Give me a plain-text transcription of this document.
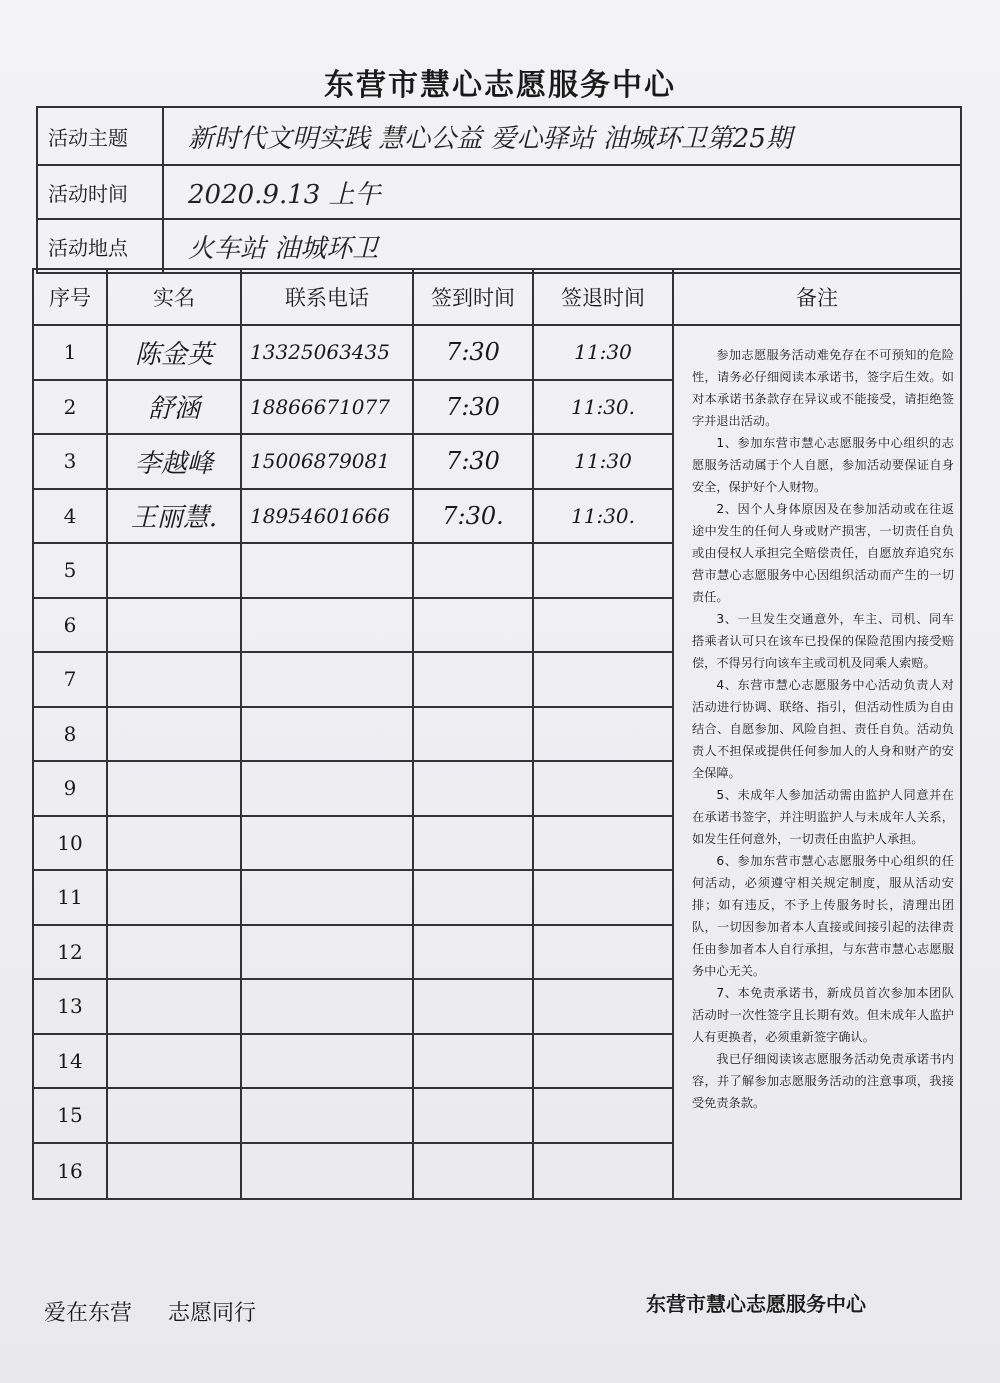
东营市慧心志愿服务中心
活动主题	新时代文明实践 慧心公益 爱心驿站 油城环卫第25期
活动时间	2020.9.13 上午
活动地点	火车站 油城环卫
序号	实名	联系电话	签到时间	签退时间	备注
1	陈金英	13325063435	7:30	11:30
2	舒涵	18866671077	7:30	11:30.
3	李越峰	15006879081	7:30	11:30
4	王丽慧.	18954601666	7:30.	11:30.
5
6
7
8
9
10
11
12
13
14
15
16

参加志愿服务活动难免存在不可预知的危险性，请务必仔细阅读本承诺书，签字后生效。如对本承诺书条款存在异议或不能接受，请拒绝签字并退出活动。

1、参加东营市慧心志愿服务中心组织的志愿服务活动属于个人自愿，参加活动要保证自身安全，保护好个人财物。

2、因个人身体原因及在参加活动或在往返途中发生的任何人身或财产损害，一切责任自负或由侵权人承担完全赔偿责任，自愿放弃追究东营市慧心志愿服务中心因组织活动而产生的一切责任。

3、一旦发生交通意外，车主、司机、同车搭乘者认可只在该车已投保的保险范围内接受赔偿，不得另行向该车主或司机及同乘人索赔。

4、东营市慧心志愿服务中心活动负责人对活动进行协调、联络、指引，但活动性质为自由结合、自愿参加、风险自担、责任自负。活动负责人不担保或提供任何参加人的人身和财产的安全保障。

5、未成年人参加活动需由监护人同意并在在承诺书签字，并注明监护人与未成年人关系，如发生任何意外，一切责任由监护人承担。

6、参加东营市慧心志愿服务中心组织的任何活动，必须遵守相关规定制度，服从活动安排；如有违反，不予上传服务时长，清理出团队，一切因参加者本人直接或间接引起的法律责任由参加者本人自行承担，与东营市慧心志愿服务中心无关。

7、本免责承诺书，新成员首次参加本团队活动时一次性签字且长期有效。但未成年人监护人有更换者，必须重新签字确认。

我已仔细阅读该志愿服务活动免责承诺书内容，并了解参加志愿服务活动的注意事项，我接受免责条款。

爱在东营 志愿同行	东营市慧心志愿服务中心
